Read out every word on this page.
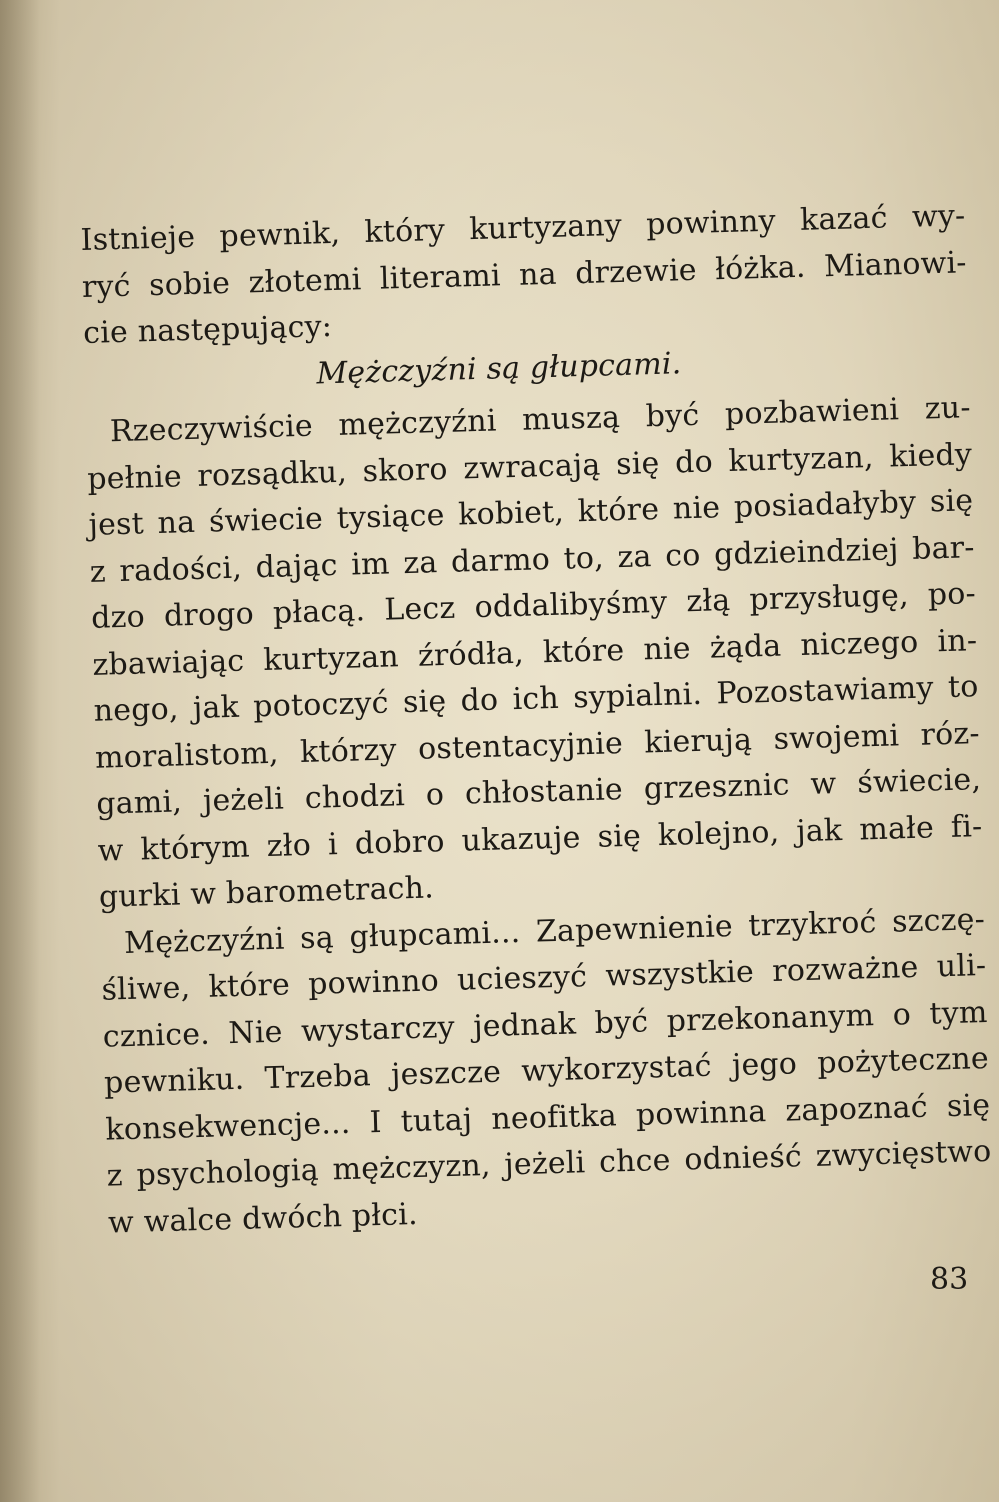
Istnieje pewnik, który kurtyzany powinny kazać wy-
ryć sobie złotemi literami na drzewie łóżka. Mianowi-
cie następujący:
Mężczyźni są głupcami.
Rzeczywiście mężczyźni muszą być pozbawieni zu-
pełnie rozsądku, skoro zwracają się do kurtyzan, kiedy
jest na świecie tysiące kobiet, które nie posiadałyby się
z radości, dając im za darmo to, za co gdzieindziej bar-
dzo drogo płacą. Lecz oddalibyśmy złą przysługę, po-
zbawiając kurtyzan źródła, które nie żąda niczego in-
nego, jak potoczyć się do ich sypialni. Pozostawiamy to
moralistom, którzy ostentacyjnie kierują swojemi róz-
gami, jeżeli chodzi o chłostanie grzesznic w świecie,
w którym zło i dobro ukazuje się kolejno, jak małe fi-
gurki w barometrach.
Mężczyźni są głupcami... Zapewnienie trzykroć szczę-
śliwe, które powinno ucieszyć wszystkie rozważne uli-
cznice. Nie wystarczy jednak być przekonanym o tym
pewniku. Trzeba jeszcze wykorzystać jego pożyteczne
konsekwencje... I tutaj neofitka powinna zapoznać się
z psychologią mężczyzn, jeżeli chce odnieść zwycięstwo
w walce dwóch płci.
83
